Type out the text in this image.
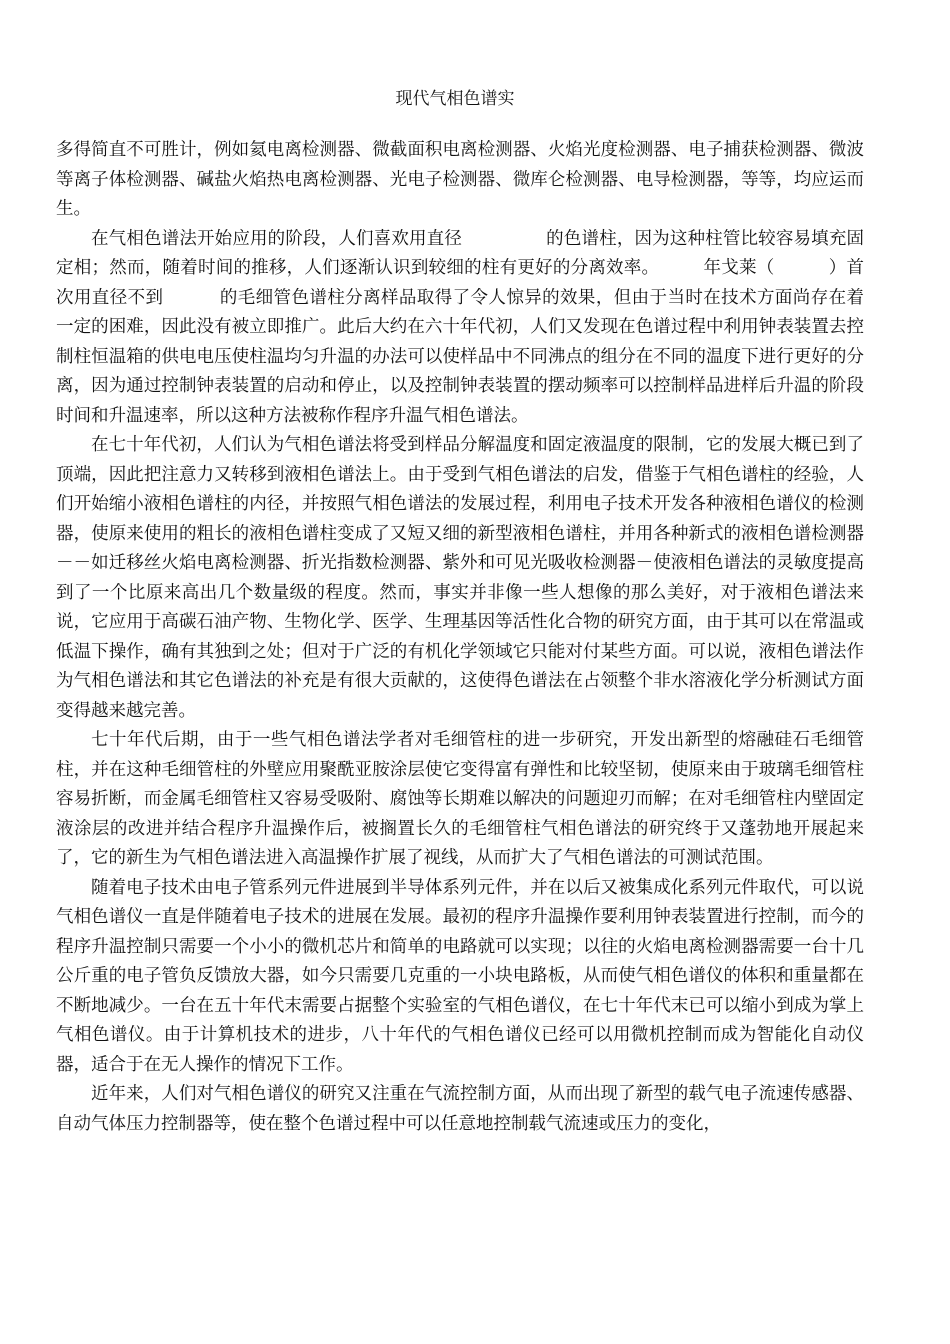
现代气相色谱实

多得简直不可胜计，例如氦电离检测器、微截面积电离检测器、火焰光度检测器、电子捕获检测器、微波等离子体检测器、碱盐火焰热电离检测器、光电子检测器、微库仑检测器、电导检测器，等等，均应运而生。

在气相色谱法开始应用的阶段，人们喜欢用直径	的色谱柱，因为这种柱管比较容易填充固定相；然而，随着时间的推移，人们逐渐认识到较细的柱有更好的分离效率。	年戈莱（	）首次用直径不到	的毛细管色谱柱分离样品取得了令人惊异的效果，但由于当时在技术方面尚存在着一定的困难，因此没有被立即推广。此后大约在六十年代初，人们又发现在色谱过程中利用钟表装置去控制柱恒温箱的供电电压使柱温均匀升温的办法可以使样品中不同沸点的组分在不同的温度下进行更好的分离，因为通过控制钟表装置的启动和停止，以及控制钟表装置的摆动频率可以控制样品进样后升温的阶段时间和升温速率，所以这种方法被称作程序升温气相色谱法。

在七十年代初，人们认为气相色谱法将受到样品分解温度和固定液温度的限制，它的发展大概已到了顶端，因此把注意力又转移到液相色谱法上。由于受到气相色谱法的启发，借鉴于气相色谱柱的经验，人们开始缩小液相色谱柱的内径，并按照气相色谱法的发展过程，利用电子技术开发各种液相色谱仪的检测器，使原来使用的粗长的液相色谱柱变成了又短又细的新型液相色谱柱，并用各种新式的液相色谱检测器－－如迁移丝火焰电离检测器、折光指数检测器、紫外和可见光吸收检测器－使液相色谱法的灵敏度提高到了一个比原来高出几个数量级的程度。然而，事实并非像一些人想像的那么美好，对于液相色谱法来说，它应用于高碳石油产物、生物化学、医学、生理基因等活性化合物的研究方面，由于其可以在常温或低温下操作，确有其独到之处；但对于广泛的有机化学领域它只能对付某些方面。可以说，液相色谱法作为气相色谱法和其它色谱法的补充是有很大贡献的，这使得色谱法在占领整个非水溶液化学分析测试方面变得越来越完善。

七十年代后期，由于一些气相色谱法学者对毛细管柱的进一步研究，开发出新型的熔融硅石毛细管柱，并在这种毛细管柱的外壁应用聚酰亚胺涂层使它变得富有弹性和比较坚韧，使原来由于玻璃毛细管柱容易折断，而金属毛细管柱又容易受吸附、腐蚀等长期难以解决的问题迎刃而解；在对毛细管柱内壁固定液涂层的改进并结合程序升温操作后，被搁置长久的毛细管柱气相色谱法的研究终于又蓬勃地开展起来了，它的新生为气相色谱法进入高温操作扩展了视线，从而扩大了气相色谱法的可测试范围。

随着电子技术由电子管系列元件进展到半导体系列元件，并在以后又被集成化系列元件取代，可以说气相色谱仪一直是伴随着电子技术的进展在发展。最初的程序升温操作要利用钟表装置进行控制，而今的程序升温控制只需要一个小小的微机芯片和简单的电路就可以实现；以往的火焰电离检测器需要一台十几公斤重的电子管负反馈放大器，如今只需要几克重的一小块电路板，从而使气相色谱仪的体积和重量都在不断地减少。一台在五十年代末需要占据整个实验室的气相色谱仪，在七十年代末已可以缩小到成为掌上气相色谱仪。由于计算机技术的进步，八十年代的气相色谱仪已经可以用微机控制而成为智能化自动仪器，适合于在无人操作的情况下工作。

近年来，人们对气相色谱仪的研究又注重在气流控制方面，从而出现了新型的载气电子流速传感器、自动气体压力控制器等，使在整个色谱过程中可以任意地控制载气流速或压力的变化，
